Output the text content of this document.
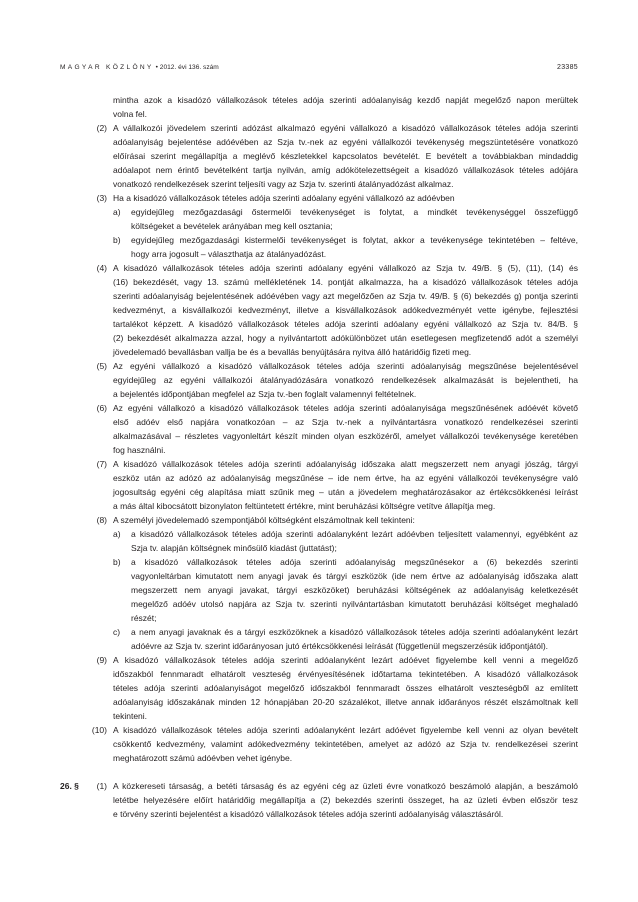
MAGYAR KÖZLÖNY • 2012. évi 136. szám	23385
mintha azok a kisadózó vállalkozások tételes adója szerinti adóalanyiság kezdő napját megelőző napon merültek
volna fel.
(2) A vállalkozói jövedelem szerinti adózást alkalmazó egyéni vállalkozó a kisadózó vállalkozások tételes adója szerinti
adóalanyiság bejelentése adóévében az Szja tv.-nek az egyéni vállalkozói tevékenység megszüntetésére vonatkozó
előírásai szerint megállapítja a meglévő készletekkel kapcsolatos bevételét. E bevételt a továbbiakban mindaddig
adóalapot nem érintő bevételként tartja nyilván, amíg adókötelezettségeit a kisadózó vállalkozások tételes adójára
vonatkozó rendelkezések szerint teljesíti vagy az Szja tv. szerinti átalányadózást alkalmaz.
(3) Ha a kisadózó vállalkozások tételes adója szerinti adóalany egyéni vállalkozó az adóévben
a) egyidejűleg mezőgazdasági őstermelői tevékenységet is folytat, a mindkét tevékenységgel összefüggő
költségeket a bevételek arányában meg kell osztania;
b) egyidejűleg mezőgazdasági kistermelői tevékenységet is folytat, akkor a tevékenysége tekintetében – feltéve,
hogy arra jogosult – választhatja az átalányadózást.
(4) A kisadózó vállalkozások tételes adója szerinti adóalany egyéni vállalkozó az Szja tv. 49/B. § (5), (11), (14) és
(16) bekezdését, vagy 13. számú mellékletének 14. pontját alkalmazza, ha a kisadózó vállalkozások tételes adója
szerinti adóalanyiság bejelentésének adóévében vagy azt megelőzően az Szja tv. 49/B. § (6) bekezdés g) pontja szerinti
kedvezményt, a kisvállalkozói kedvezményt, illetve a kisvállalkozások adókedvezményét vette igénybe, fejlesztési
tartalékot képzett. A kisadózó vállalkozások tételes adója szerinti adóalany egyéni vállalkozó az Szja tv. 84/B. §
(2) bekezdését alkalmazza azzal, hogy a nyilvántartott adókülönbözet után esetlegesen megfizetendő adót a személyi
jövedelemadó bevallásban vallja be és a bevallás benyújtására nyitva álló határidőig fizeti meg.
(5) Az egyéni vállalkozó a kisadózó vállalkozások tételes adója szerinti adóalanyiság megszűnése bejelentésével
egyidejűleg az egyéni vállalkozói átalányadózására vonatkozó rendelkezések alkalmazását is bejelentheti, ha
a bejelentés időpontjában megfelel az Szja tv.-ben foglalt valamennyi feltételnek.
(6) Az egyéni vállalkozó a kisadózó vállalkozások tételes adója szerinti adóalanyisága megszűnésének adóévét követő
első adóév első napjára vonatkozóan – az Szja tv.-nek a nyilvántartásra vonatkozó rendelkezései szerinti
alkalmazásával – részletes vagyonleltárt készít minden olyan eszközéről, amelyet vállalkozói tevékenysége keretében
fog használni.
(7) A kisadózó vállalkozások tételes adója szerinti adóalanyiság időszaka alatt megszerzett nem anyagi jószág, tárgyi
eszköz után az adózó az adóalanyiság megszűnése – ide nem értve, ha az egyéni vállalkozói tevékenységre való
jogosultság egyéni cég alapítása miatt szűnik meg – után a jövedelem meghatározásakor az értékcsökkenési leírást
a más által kibocsátott bizonylaton feltüntetett értékre, mint beruházási költségre vetítve állapítja meg.
(8) A személyi jövedelemadó szempontjából költségként elszámoltnak kell tekinteni:
a) a kisadózó vállalkozások tételes adója szerinti adóalanyként lezárt adóévben teljesített valamennyi, egyébként az
Szja tv. alapján költségnek minősülő kiadást (juttatást);
b) a kisadózó vállalkozások tételes adója szerinti adóalanyiság megszűnésekor a (6) bekezdés szerinti
vagyonleltárban kimutatott nem anyagi javak és tárgyi eszközök (ide nem értve az adóalanyiság időszaka alatt
megszerzett nem anyagi javakat, tárgyi eszközöket) beruházási költségének az adóalanyiság keletkezését
megelőző adóév utolsó napjára az Szja tv. szerinti nyilvántartásban kimutatott beruházási költséget meghaladó
részét;
c) a nem anyagi javaknak és a tárgyi eszközöknek a kisadózó vállalkozások tételes adója szerinti adóalanyként lezárt
adóévre az Szja tv. szerint időarányosan jutó értékcsökkenési leírását (függetlenül megszerzésük időpontjától).
(9) A kisadózó vállalkozások tételes adója szerinti adóalanyként lezárt adóévet figyelembe kell venni a megelőző
időszakból fennmaradt elhatárolt veszteség érvényesítésének időtartama tekintetében. A kisadózó vállalkozások
tételes adója szerinti adóalanyiságot megelőző időszakból fennmaradt összes elhatárolt veszteségből az említett
adóalanyiság időszakának minden 12 hónapjában 20-20 százalékot, illetve annak időarányos részét elszámoltnak kell
tekinteni.
(10) A kisadózó vállalkozások tételes adója szerinti adóalanyként lezárt adóévet figyelembe kell venni az olyan bevételt
csökkentő kedvezmény, valamint adókedvezmény tekintetében, amelyet az adózó az Szja tv. rendelkezései szerint
meghatározott számú adóévben vehet igénybe.
26. §	(1) A közkereseti társaság, a betéti társaság és az egyéni cég az üzleti évre vonatkozó beszámoló alapján, a beszámoló
letétbe helyezésére előírt határidőig megállapítja a (2) bekezdés szerinti összeget, ha az üzleti évben először tesz
e törvény szerinti bejelentést a kisadózó vállalkozások tételes adója szerinti adóalanyiság választásáról.
